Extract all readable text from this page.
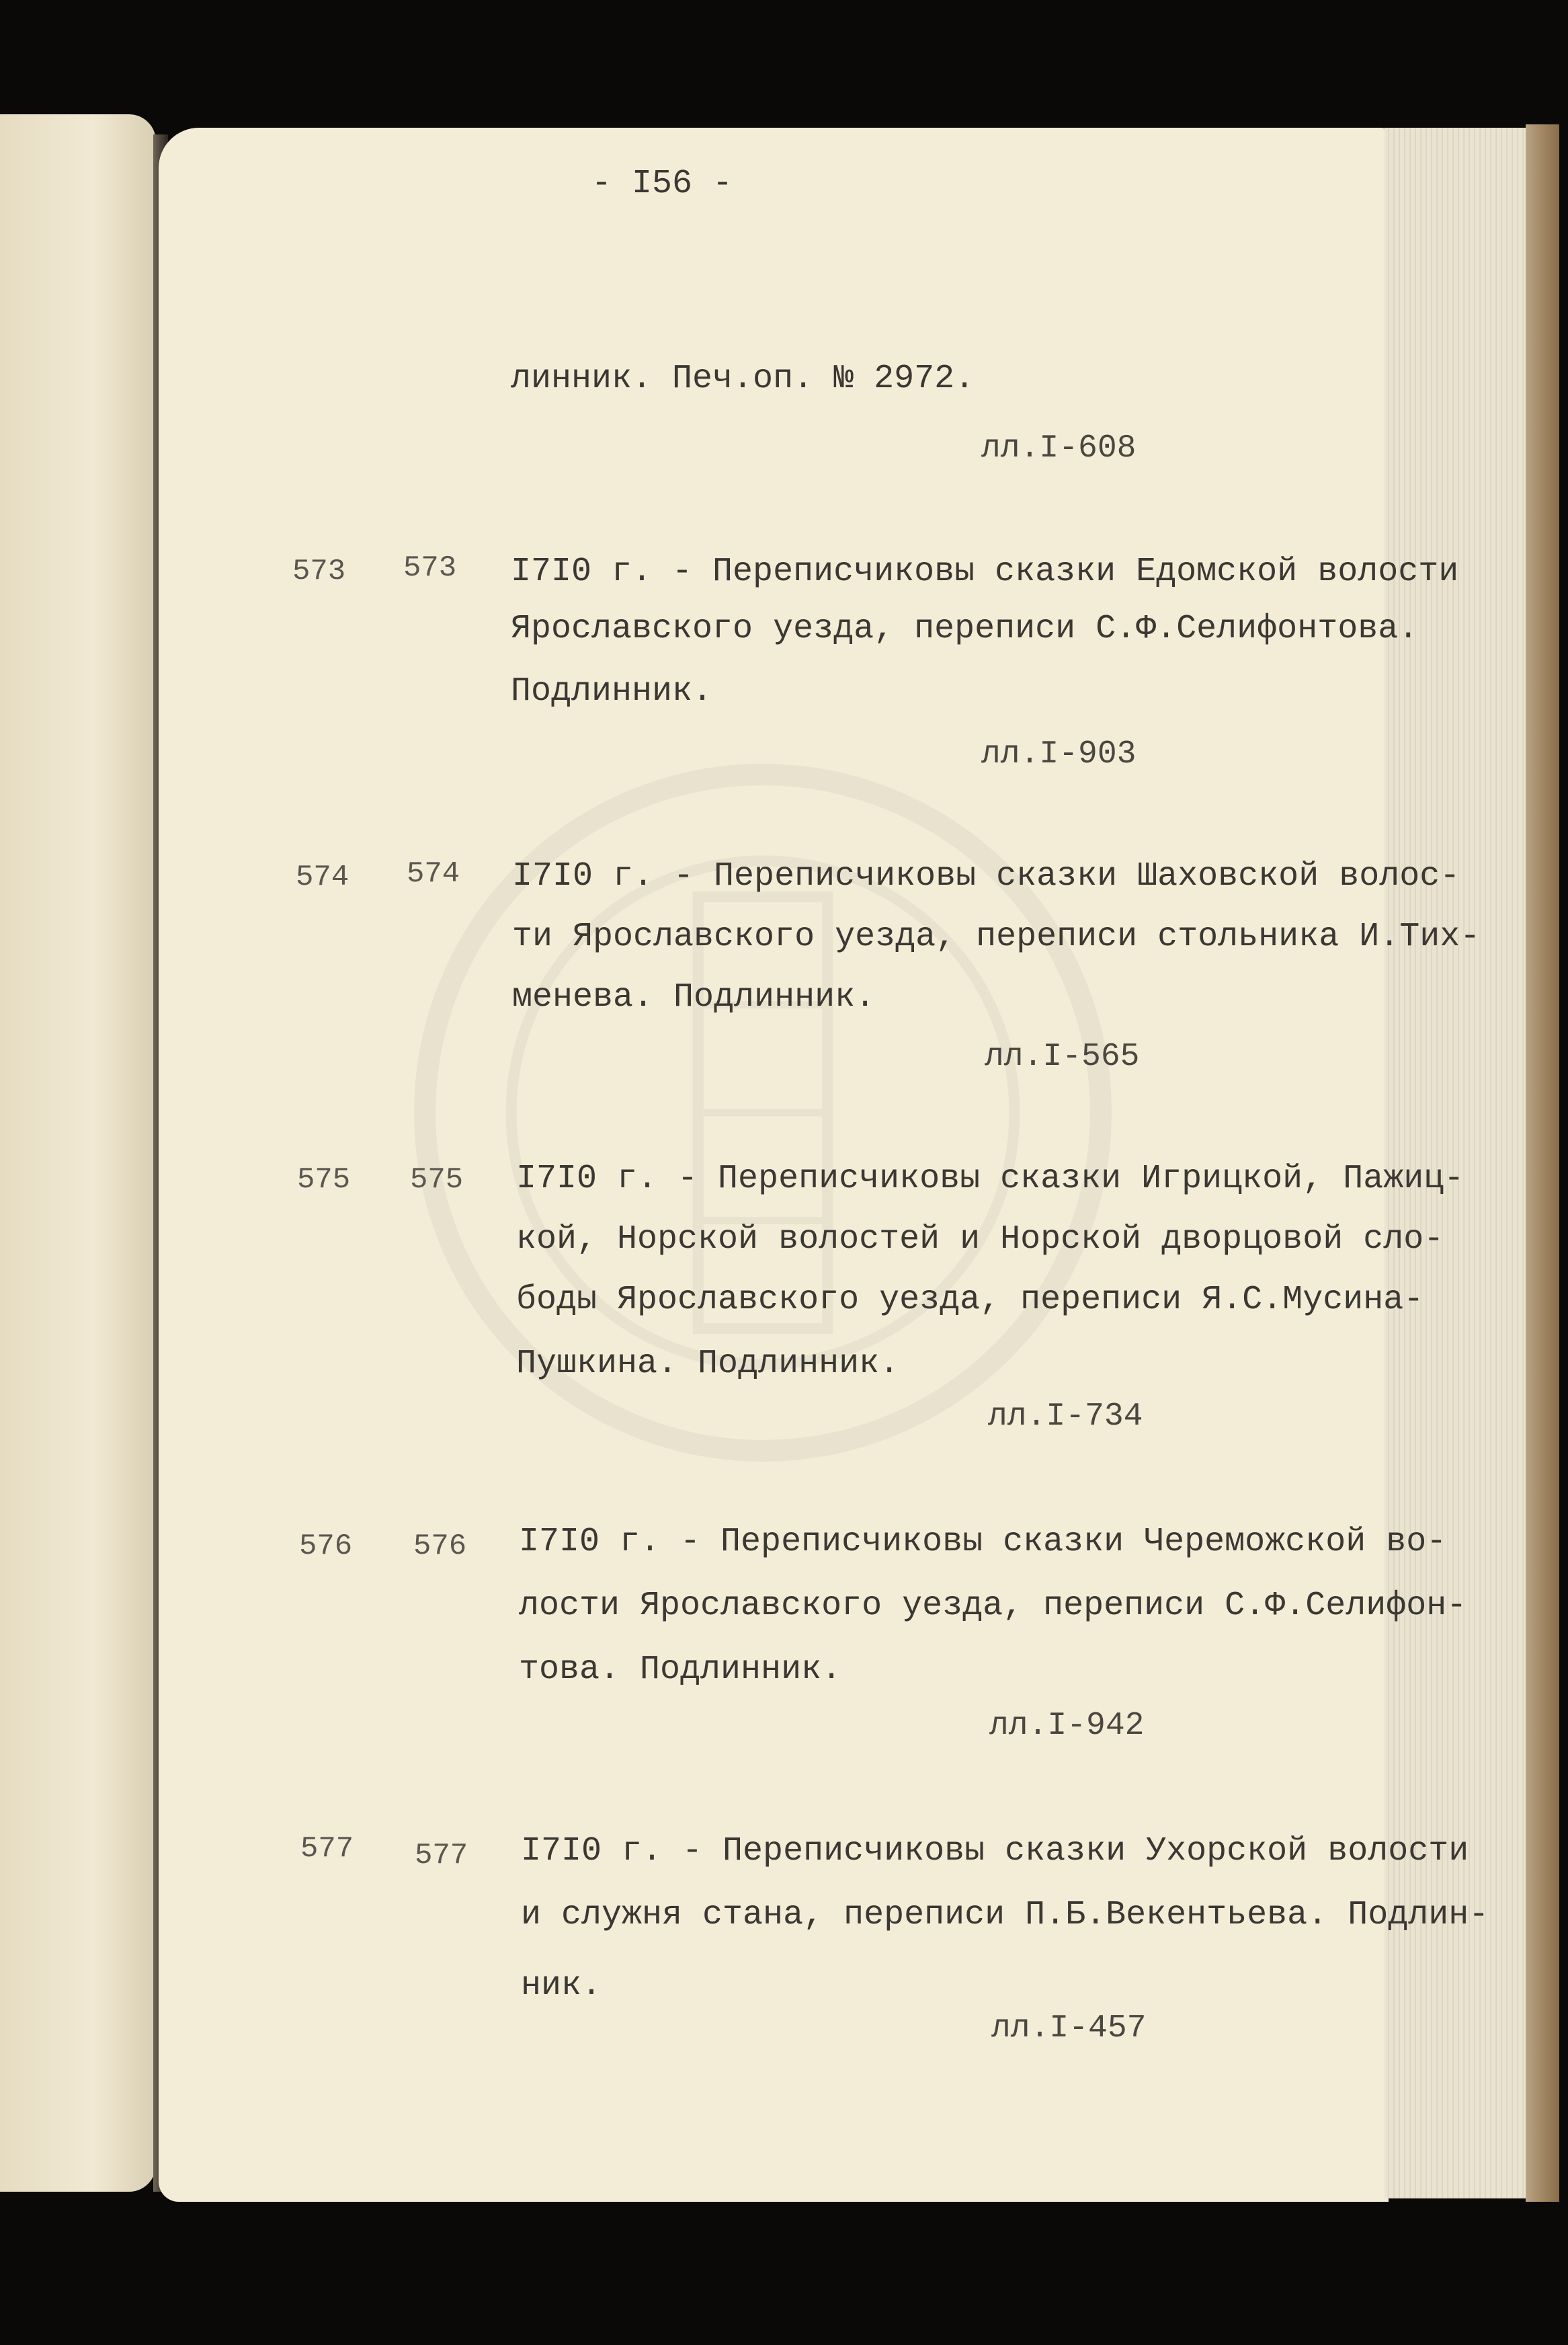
- I56 -
линник. Печ.оп. № 2972.
лл.I-608
573 573 I7I0 г. - Переписчиковы сказки Едомской волости
Ярославского уезда, переписи С.Ф.Селифонтова.
Подлинник.
лл.I-903
574 574 I7I0 г. - Переписчиковы сказки Шаховской волос-
ти Ярославского уезда, переписи стольника И.Тих-
менева. Подлинник.
лл.I-565
575 575 I7I0 г. - Переписчиковы сказки Игрицкой, Пажиц-
кой, Норской волостей и Норской дворцовой сло-
боды Ярославского уезда, переписи Я.С.Мусина-
Пушкина. Подлинник.
лл.I-734
576 576 I7I0 г. - Переписчиковы сказки Череможской во-
лости Ярославского уезда, переписи С.Ф.Селифон-
това. Подлинник.
лл.I-942
577 577 I7I0 г. - Переписчиковы сказки Ухорской волости
и служня стана, переписи П.Б.Векентьева. Подлин-
ник.
лл.I-457
